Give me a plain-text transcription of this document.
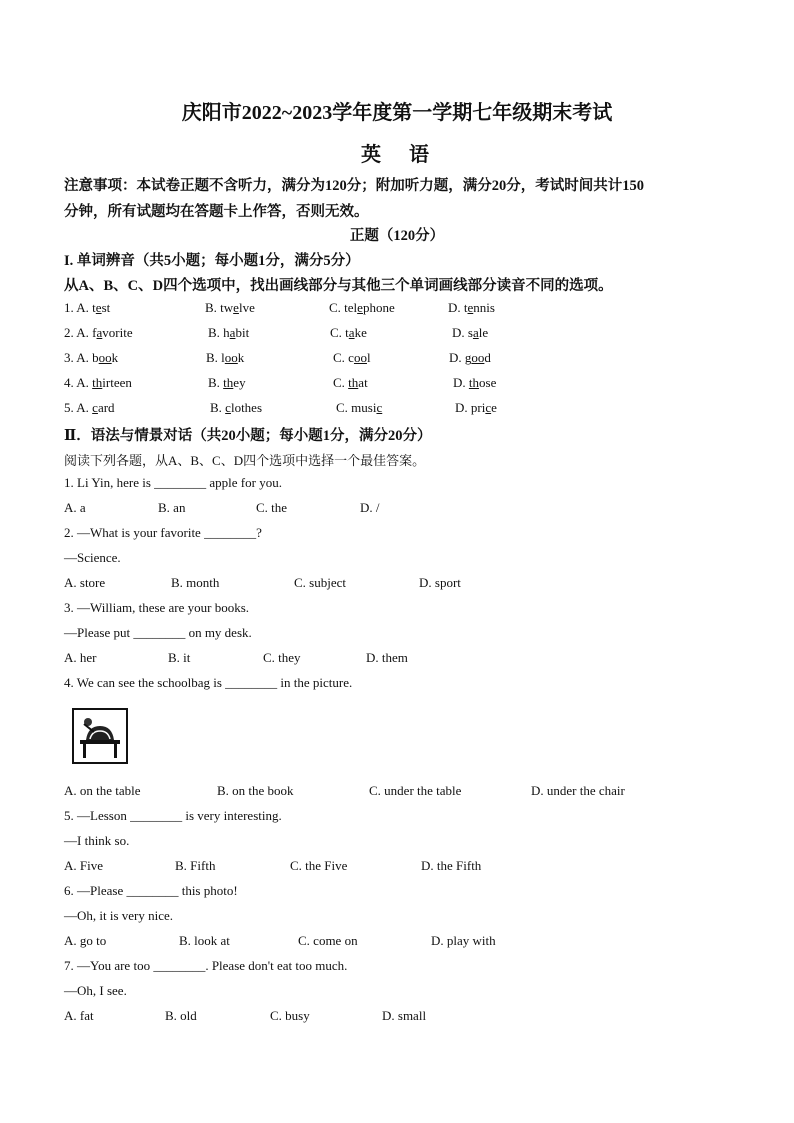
庆阳市2022~2023学年度第一学期七年级期末考试
英　语
注意事项：本试卷正题不含听力，满分为120分；附加听力题，满分20分，考试时间共计150
分钟，所有试题均在答题卡上作答，否则无效。
正题（120分）
I. 单词辨音（共5小题；每小题1分，满分5分）
从A、B、C、D四个选项中，找出画线部分与其他三个单词画线部分读音不同的选项。
1. A. test	B. twelve	C. telephone	D. tennis
2. A. favorite	B. habit	C. take	D. sale
3. A. book	B. look	C. cool	D. good
4. A. thirteen	B. they	C. that	D. those
5. A. card	B. clothes	C. music	D. price
Ⅱ．语法与情景对话（共20小题；每小题1分，满分20分）
阅读下列各题，从A、B、C、D四个选项中选择一个最佳答案。
1. Li Yin, here is ________ apple for you.
A. a	B. an	C. the	D. /
2. —What is your favorite ________?
—Science.
A. store	B. month	C. subject	D. sport
3. —William, these are your books.
—Please put ________ on my desk.
A. her	B. it	C. they	D. them
4. We can see the schoolbag is ________ in the picture.
A. on the table	B. on the book	C. under the table	D. under the chair
5. —Lesson ________ is very interesting.
—I think so.
A. Five	B. Fifth	C. the Five	D. the Fifth
6. —Please ________ this photo!
—Oh, it is very nice.
A. go to	B. look at	C. come on	D. play with
7. —You are too ________. Please don't eat too much.
—Oh, I see.
A. fat	B. old	C. busy	D. small
